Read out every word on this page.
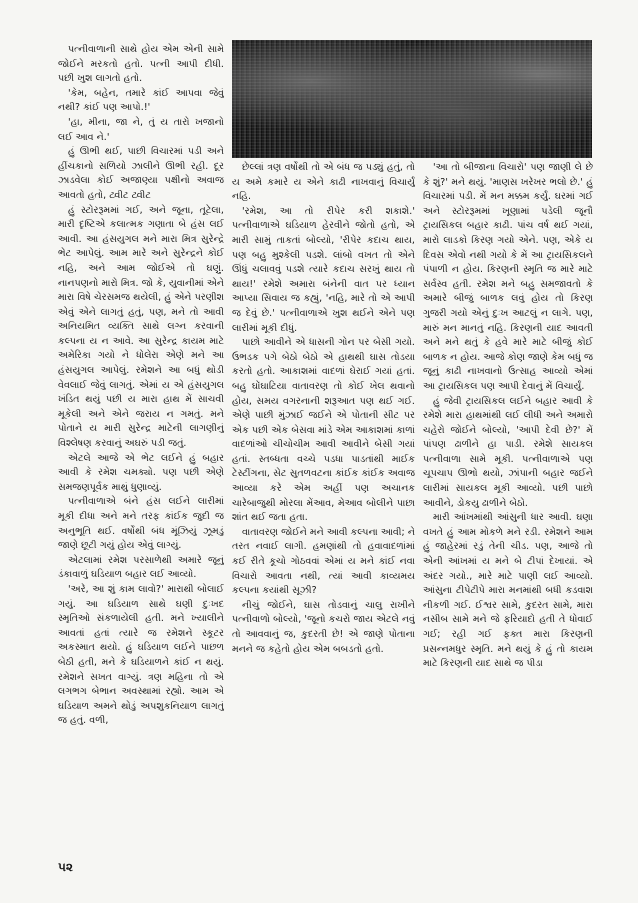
પત્નીવાળાની સાથે હોય એમ એની સામે જોઈને મરકતો હતો. પત્ની આપી દીધી. પછી ખુશ લાગતો હતો.

'કેમ, બહેન, તમારે કાંઈ આપવા જેવું નથી? કાંઈ પણ આપો.!'

'હા, મીના, જા ને, તું ય તારો ખજાનો લઈ આવ ને.'

હું ઊભી થઈ, પાછી વિચારમાં પડી અને હીંચકાનો સળિયો ઝાલીને ઊભી રહી. દૂર ઝાડવેલા કોઈ અજાણ્યા પક્ષીનો અવાજ આવતો હતો, ટ્વીટ ટ્વીટ

હું સ્ટોરરૂમમાં ગઈ, અને જૂના, તૂટેલા, મારી દૃષ્ટિએ કલાત્મક ગણાતા બે હંસ લઈ આવી. આ હંસયુગલ મને મારા મિત્ર સુરેન્દ્રે ભેટ આપેલું. આમ મારે અને સુરેન્દ્રને કોઈ નહિ, અને આમ જોઈએ તો ઘણું. નાનપણનો મારો મિત્ર. જો કે, યુવાનીમાં એને મારા વિષે ચેરસમજ થયેલી, હું એને પરણીશ એવું એને લાગતું હતું, પણ, મને તો આવી અનિયમિત વ્યક્તિ સાથે લગ્ન કરવાની કલ્પના ય ન આવે. આ સુરેન્દ્ર કાયમ માટે અમેરિકા ગયો ને ધોલેરા એણે મને આ હંસયુગલ આપેલું. રમેશને આ બધું થોડી વેવલાઈ જેવું લાગતું. એમાં ય એ હંસયુગલ ખંડિત થયું પછી ય મારા હાથ મેં સાચવી મૂકેલી અને એને જરાય ન ગમતું. મને પોતાને ય મારી સુરેન્દ્ર માટેની લાગણીનું વિશ્લેષણ કરવાનું અઘરું પડી જતું.

એટલે આજે એ ભેટ લઈને હું બહાર આવી કે રમેશ ચમક્યો. પણ પછી એણે સમજણપૂર્વક માથું ધુણાવ્યું.

પત્નીવાળાએ બંને હંસ લઈને લારીમાં મૂકી દીધા અને મને તરફ કાંઈક જુદી જ અનુભૂતિ થઈ. વર્ષોથી બંધ મૂંઝિયું ઝૂમડું જાણે છૂટી ગયું હોય એવું લાગ્યું.

એટલામાં રમેશ પરસાળેથી અમારે જૂનું ડંકાવાળું ઘડિયાળ બહાર લઈ આવ્યો.

'અરે, આ શું કામ લાવો?' મારાથી બોલાઈ ગયું. આ ઘડિયાળ સાથે ઘણી દુઃખદ સ્મૃતિઓ સંકળાયેલી હતી. મને ખ્યાલીને આવતાં હતાં ત્યારે જ રમેશને સ્કૂટર અકસ્માત થયો. હું ઘડિયાળ લઈને પાછળ બેઠી હતી, મને કે ઘડિયાળને કાંઈ ન થયું. રમેશને સખત વાગ્યું. ત્રણ મહિના તો એ લગભગ બેભાન અવસ્થામાં રહ્યો. આમ એ ઘડિયાળ અમને થોડું અપશુકનિયાળ લાગતું જ હતું. વળી,

છેલ્લાં ત્રણ વર્ષોથી તો એ બંધ જ પડ્યું હતું, તો ય અમે કમારે ય એને કાઢી નાખવાનું વિચાર્યું નહિ.

'રમેશ, આ તો રીપેર કરી શકાશે.' પત્નીવાળાએ ઘડિયાળ હેરવીને જોતો હતો, એ મારી સામું તાકતાં બોલ્યો, 'રીપેર કદાચ થાય, પણ બહુ મુશ્કેલી પડશે. લાંબો વખત તો એને ઊંધું ચલાવવું પડશે ત્યારે કદાચ સરખું થાય તો થાય!' રમેશે અમારા બંનેની વાત પર ધ્યાન આપ્યા સિવાય જ કહ્યું, 'નહિ, મારે તો એ આપી જ દેવું છે.' પત્નીવાળાએ ખુશ થઈને એને પણ લારીમાં મૂકી દીધું.

પાછો આવીને એ ધાસની ગોન પર બેસી ગયો. ઉભડક પગે બેઠો બેઠો એ હાથથી ઘાસ તોડયા કરતો હતો. આકાશમાં વાદળાં ઘેરાઈ ગયાં હતાં. બહુ ઘોંઘાટિયા વાતાવરણ તો કોઈ ખેલ થવાનો હોય, સમય વગરનાની શરૂઆત પણ થઈ ગઈ. એણે પાછી મુંઝાઈ જઈને એ પોતાની સીટ પર એક પછી એક બેસવા માંડે એમ આકાશમાં કાળાં વાદળાંઓ ચીચોચીમ આવી આવીને બેસી ગયાં હતાં. સ્તબ્ધતા વચ્ચે પડધા પાડતાંથી માઈક ટેસ્ટીંગના, સેટ સુતળવટના કાંઈક કાંઈક અવાજ આવ્યા કરે એમ અહીં પણ અચાનક ચારેબાજુથી મોરલા મેંઆવ, મેઆવ બોલીને પાછા શાંત થઈ જતા હતા.

વાતાવરણ જોઈને મને આવી કલ્પના આવી; ને તરત નવાઈ લાગી. હમણાંથી તો હવાવાદળાંમાં કઈ રીતે કૂચો ગોઠવવાં એમાં ય મને કાંઈ નવા વિચારો આવતા નથી, ત્યાં આવી કાવ્યમય કલ્પના કયાંથી સૂઝી?

નીચું જોઈને, ઘાસ તોડવાનું ચાલુ રાખીને પત્નીવાળો બોલ્યો, 'જૂનો કચરો જાય એટલે નવું તો આવવાનું જ, કુદરતી છે! એ જાણે પોતાના મનને જ કહેતો હોય એમ બબડતો હતો.

'આ તો બીજાના વિચારો' પણ જાણી લે છે કે શું?' મને થયું. 'માણસ ખરેખર ભલો છે.' હું વિચારમાં પડી. મેં મન મક્કમ કર્યું. ઘરમાં ગઈ અને સ્ટોરરૂમમાં ખૂણામાં પડેલી જૂનૌ ટ્રાયસિકલ બહાર કાઢી. પાંચ વર્ષ થઈ ગયાં, મારો લાડકો કિરણ ગયો એને. પણ, એકે ય દિવસ એવો નથી ગયો કે મેં આ ટ્રાયસિકલને પંપાળી ન હોય. કિરણની સ્મૃતિ જ મારે માટે સર્વસ્વ હતી. રમેશ મને બહુ સમજાવતો કે અમારે બીજું બાળક લવું હોય તો કિરણ ગુજરી ગયો એનું દુઃખ આટલું ન લાગે. પણ, મારું મન માનતું નહિ. કિરણની યાદ આવતી અને મને થતું કે હવે મારે માટે બીજું કોઈ બાળક ન હોય. આજે કોણ જાણે કેમ બધું જ જૂનું કાઢી નાખવાનો ઉત્સાહ આવ્યો એમાં આ ટ્રાયસિકલ પણ આપી દેવાનું મેં વિચાર્યું.

હું જેવી ટ્રાયસિકલ લઈને બહાર આવી કે રમેશે મારા હાથમાંથી લઈ લીધી અને અમારો ચહેરો જોઈને બોલ્યો, 'આપી દેવી છે?' મેં પાંપણ ઢાળીને હા પાડી. રમેશે સાયકલ પત્નીવાળા સામે મૂકી. પત્નીવાળાએ પણ ચૂપચાપ ઊભો થયો, ઝાંપાની બહાર જઈને લારીમાં સાયકલ મૂકી આવ્યો. પછી પાછો આવીને, ડોકયુ ઢાળીને બેઠો.

મારી આંખમાંથી આંસુની ધાર આવી. ઘણા વખતે હું આમ મોકળે મને રડી. રમેશને આમ હું જાહેરમાં રડું તેની ચીડ. પણ, આજે તો એની આંખમાં ય મને બે ટીપાં દેખાયાં. એ અંદર ગયો., મારે માટે પાણી લઈ આવ્યો. આંસુના ટીપેટીપે મારા મનમાંથી બધી કડવાશ નીકળી ગઈ. ઈશ્વર સામે, કુદરત સામે, મારા નસીબ સામે મને જે ફરિયાદો હતી તે ધોવાઈ ગઈ; રહી ગઈ ફક્ત મારા કિરણની પ્રસન્નમધુર સ્મૃતિ. મને થયું કે હું તો કાયમ માટે કિરણની યાદ સાથે જ પીડા

૫૨
